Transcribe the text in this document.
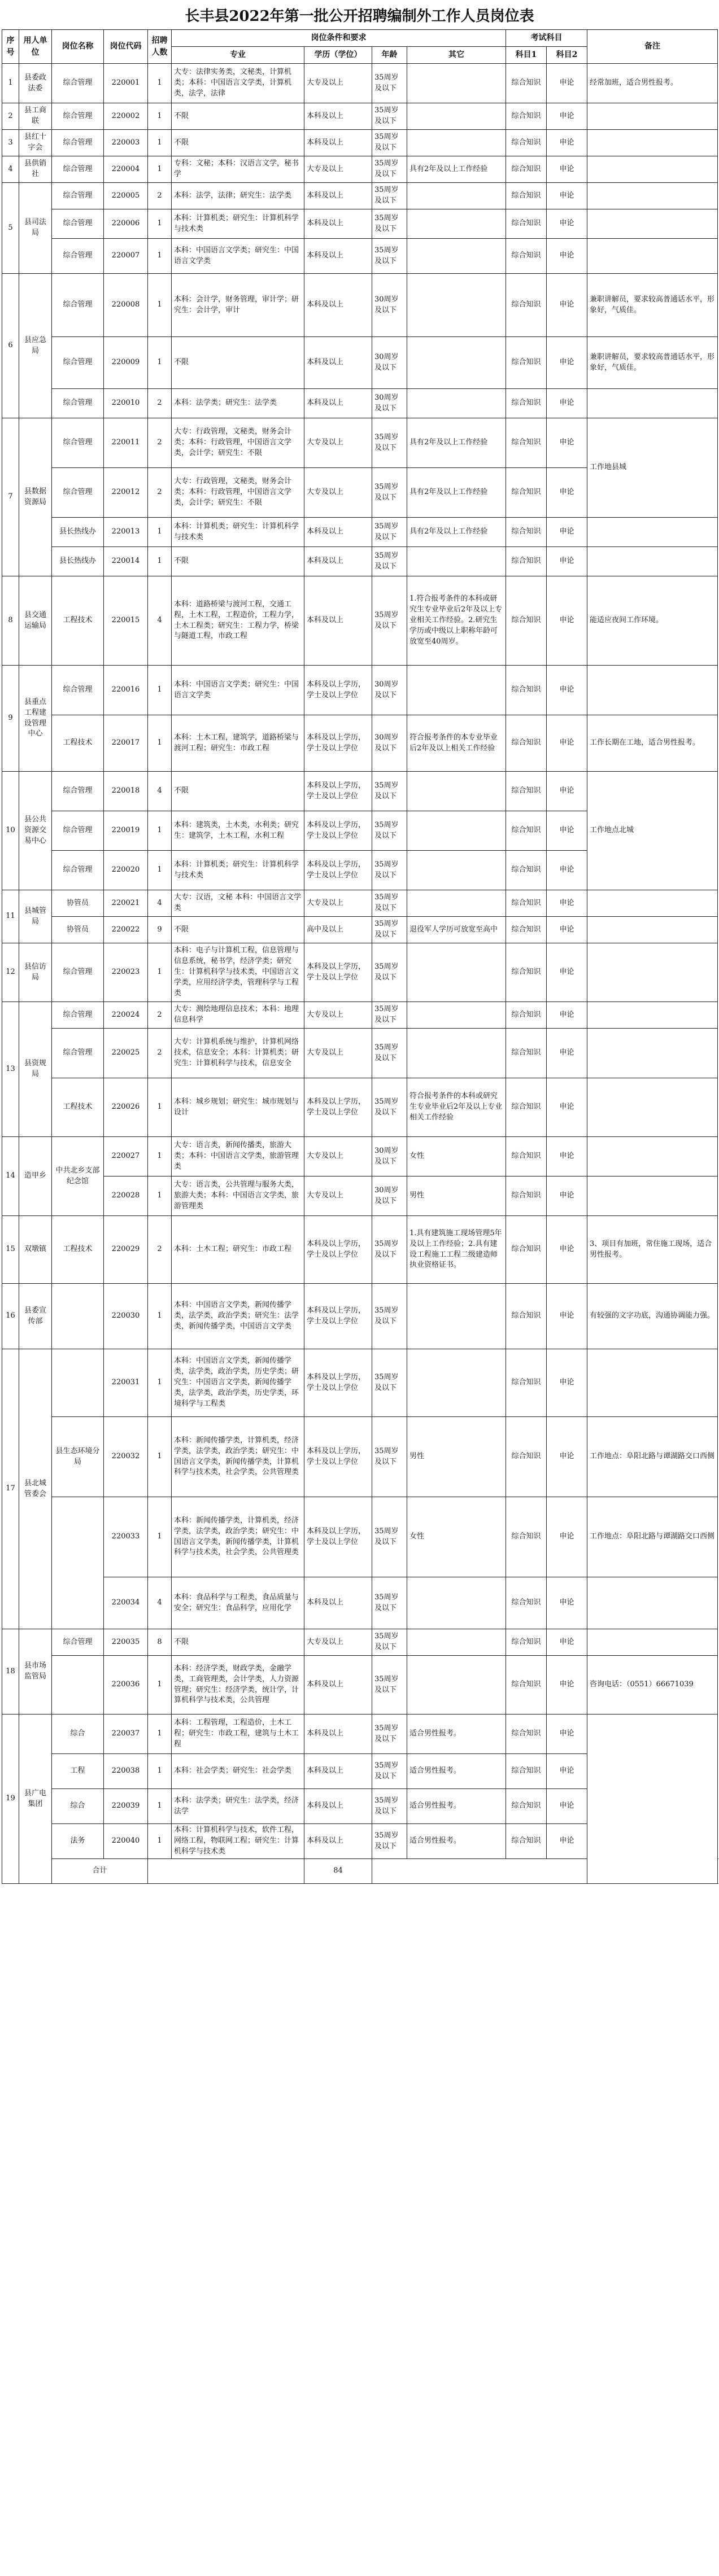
长丰县2022年第一批公开招聘编制外工作人员岗位表
序号	用人单位	岗位名称	岗位代码	招聘人数	岗位条件和要求				考试科目		备注
					专业	学历（学位）	年龄	其它	科目1	科目2	
1	县委政法委	综合管理	220001	1	大专：法律实务类，文秘类，计算机类；本科：中国语言文学类，计算机类，法学，法律	大专及以上	35周岁及以下		综合知识	申论	经常加班，适合男性报考。
2	县工商联	综合管理	220002	1	不限	本科及以上	35周岁及以下		综合知识	申论	
3	县红十字会	综合管理	220003	1	不限	本科及以上	35周岁及以下		综合知识	申论	
4	县供销社	综合管理	220004	1	专科：文秘；本科：汉语言文学，秘书学	大专及以上	35周岁及以下	具有2年及以上工作经验	综合知识	申论	
5	县司法局	综合管理	220005	2	本科：法学，法律；研究生：法学类	本科及以上	35周岁及以下		综合知识	申论	
		综合管理	220006	1	本科：计算机类；研究生：计算机科学与技术类	本科及以上	35周岁及以下		综合知识	申论	
		综合管理	220007	1	本科：中国语言文学类；研究生：中国语言文学类	本科及以上	35周岁及以下		综合知识	申论	
6	县应急局	综合管理	220008	1	本科：会计学，财务管理，审计学；研究生：会计学，审计	本科及以上	30周岁及以下		综合知识	申论	兼职讲解员，要求较高普通话水平，形象好，气质佳。
		综合管理	220009	1	不限	本科及以上	30周岁及以下		综合知识	申论	兼职讲解员，要求较高普通话水平，形象好，气质佳。
		综合管理	220010	2	本科：法学类；研究生：法学类	本科及以上	30周岁及以下		综合知识	申论	
7	县数据资源局	综合管理	220011	2	大专：行政管理，文秘类，财务会计类；本科：行政管理，中国语言文学类，会计学；研究生：不限	大专及以上	35周岁及以下	具有2年及以上工作经验	综合知识	申论	工作地县城
		综合管理	220012	2	大专：行政管理，文秘类，财务会计类；本科：行政管理，中国语言文学类，会计学；研究生：不限	大专及以上	35周岁及以下	具有2年及以上工作经验	综合知识	申论	
		县长热线办	220013	1	本科：计算机类；研究生：计算机科学与技术类	本科及以上	35周岁及以下	具有2年及以上工作经验	综合知识	申论	
		县长热线办	220014	1	不限	本科及以上	35周岁及以下		综合知识	申论	
8	县交通运输局	工程技术	220015	4	本科：道路桥梁与渡河工程，交通工程，土木工程，工程造价，工程力学，土木工程类；研究生：工程力学，桥梁与隧道工程，市政工程	本科及以上	35周岁及以下	1.符合报考条件的本科或研究生专业毕业后2年及以上专业相关工作经验。2.研究生学历或中级以上职称年龄可放宽至40周岁。	综合知识	申论	能适应夜间工作环境。
9	县重点工程建设管理中心	综合管理	220016	1	本科：中国语言文学类；研究生：中国语言文学类	本科及以上学历，学士及以上学位	30周岁及以下		综合知识	申论	
		工程技术	220017	1	本科：土木工程，建筑学，道路桥梁与渡河工程；研究生：市政工程	本科及以上学历，学士及以上学位	30周岁及以下	符合报考条件的本专业毕业后2年及以上相关工作经验	综合知识	申论	工作长期在工地，适合男性报考。
10	县公共资源交易中心	综合管理	220018	4	不限	本科及以上学历，学士及以上学位	35周岁及以下		综合知识	申论	工作地点北城
		综合管理	220019	1	本科：建筑类，土木类，水利类；研究生：建筑学，土木工程，水利工程	本科及以上学历，学士及以上学位	35周岁及以下		综合知识	申论	
		综合管理	220020	1	本科：计算机类；研究生：计算机科学与技术类	本科及以上学历，学士及以上学位	35周岁及以下		综合知识	申论	
11	县城管局	协管员	220021	4	大专：汉语，文秘 本科：中国语言文学类	大专及以上	35周岁及以下		综合知识	申论	
		协管员	220022	9	不限	高中及以上	35周岁及以下	退役军人学历可放宽至高中	综合知识	申论	
12	县信访局	综合管理	220023	1	本科：电子与计算机工程，信息管理与信息系统，秘书学，经济学类；研究生：计算机科学与技术类，中国语言文学类，应用经济学类，管理科学与工程类	本科及以上学历，学士及以上学位	35周岁及以下		综合知识	申论	
13	县资规局	综合管理	220024	2	大专：测绘地理信息技术；本科：地理信息科学	大专及以上	35周岁及以下		综合知识	申论	
		综合管理	220025	2	大专：计算机系统与维护，计算机网络技术，信息安全；本科：计算机类；研究生：计算机科学与技术，信息安全	大专及以上	35周岁及以下		综合知识	申论	
		工程技术	220026	1	本科：城乡规划；研究生：城市规划与设计	本科及以上学历，学士及以上学位	35周岁及以下	符合报考条件的本科或研究生专业毕业后2年及以上专业相关工作经验	综合知识	申论	
14	造甲乡	中共北乡支部纪念馆	220027	1	大专：语言类，新闻传播类，旅游大类；本科：中国语言文学类，旅游管理类	大专及以上	30周岁及以下	女性	综合知识	申论	
			220028	1	大专：语言类，公共管理与服务大类，旅游大类；本科：中国语言文学类，旅游管理类	大专及以上	30周岁及以下	男性	综合知识	申论	
15	双墩镇	工程技术	220029	2	本科：土木工程；研究生：市政工程	本科及以上学历，学士及以上学位	35周岁及以下	1.具有建筑施工现场管理5年及以上工作经验；2.具有建设工程施工工程二级建造师执业资格证书。	综合知识	申论	3、项目有加班，常住施工现场，适合男性报考。
16	县委宣传部		220030	1	本科：中国语言文学类，新闻传播学类，法学类，政治学类；研究生：法学类，新闻传播学类，中国语言文学类	本科及以上学历，学士及以上学位	35周岁及以下		综合知识	申论	有较强的文字功底，沟通协调能力强。
17	县北城管委会		220031	1	本科：中国语言文学类，新闻传播学类，法学类，政治学类，历史学类；研究生：中国语言文学类，新闻传播学类，法学类，政治学类，历史学类，环境科学与工程类	本科及以上学历，学士及以上学位	35周岁及以下		综合知识	申论	
		县生态环境分局	220032	1	本科：新闻传播学类，计算机类，经济学类，法学类，政治学类；研究生：中国语言文学类，新闻传播学类，计算机科学与技术类，社会学类，公共管理类	本科及以上学历，学士及以上学位	35周岁及以下	男性	综合知识	申论	工作地点：阜阳北路与谭湖路交口西侧
			220033	1	本科：新闻传播学类，计算机类，经济学类，法学类，政治学类；研究生：中国语言文学类，新闻传播学类，计算机科学与技术类，社会学类，公共管理类	本科及以上学历，学士及以上学位	35周岁及以下	女性	综合知识	申论	工作地点：阜阳北路与谭湖路交口西侧
			220034	4	本科：食品科学与工程类，食品质量与安全；研究生：食品科学，应用化学	本科及以上	35周岁及以下		综合知识	申论	
18	县市场监管局	综合管理	220035	8	不限	大专及以上	35周岁及以下		综合知识	申论	
			220036	1	本科：经济学类，财政学类，金融学类，工商管理类，会计学类，人力资源管理；研究生：经济学类，统计学，计算机科学与技术类，公共管理	本科及以上	35周岁及以下		综合知识	申论	咨询电话：（0551）66671039
19	县广电集团	综合	220037	1	本科：工程管理，工程造价，土木工程；研究生：市政工程，建筑与土木工程	本科及以上	35周岁及以下	适合男性报考。	综合知识	申论	
		工程	220038	1	本科：社会学类；研究生：社会学类	本科及以上	35周岁及以下	适合男性报考。	综合知识	申论	
		综合	220039	1	本科：法学类；研究生：法学类，经济法学	本科及以上	35周岁及以下	适合男性报考。	综合知识	申论	
		法务	220040	1	本科：计算机科学与技术，软件工程，网络工程，物联网工程；研究生：计算机科学与技术类	本科及以上	35周岁及以下	适合男性报考。	综合知识	申论	
		合计				84					
